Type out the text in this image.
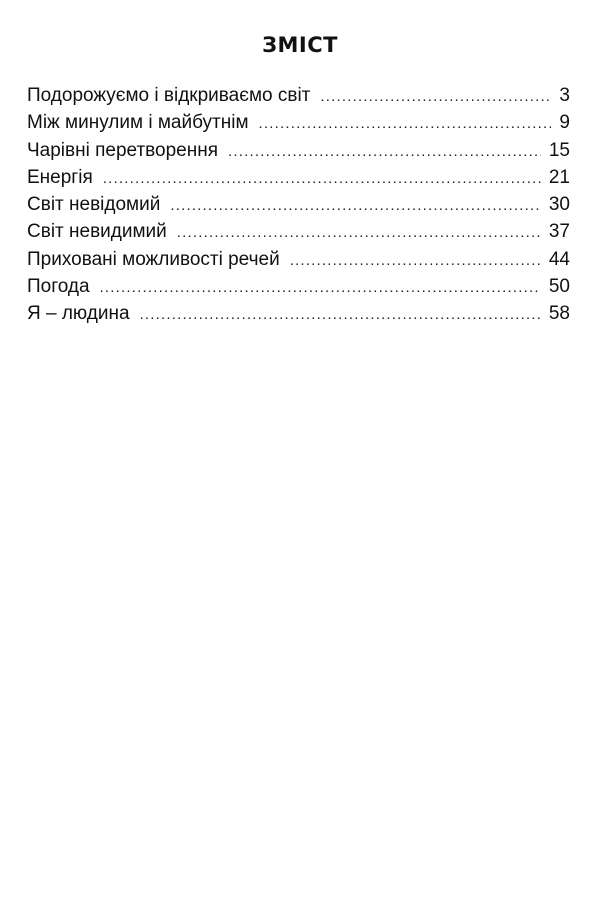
ЗМІСТ
Подорожуємо і відкриваємо світ .....	3
Між минулим і майбутнім .....	9
Чарівні перетворення .....	15
Енергія .....	21
Світ невідомий .....	30
Світ невидимий .....	37
Приховані можливості речей .....	44
Погода .....	50
Я – людина .....	58
